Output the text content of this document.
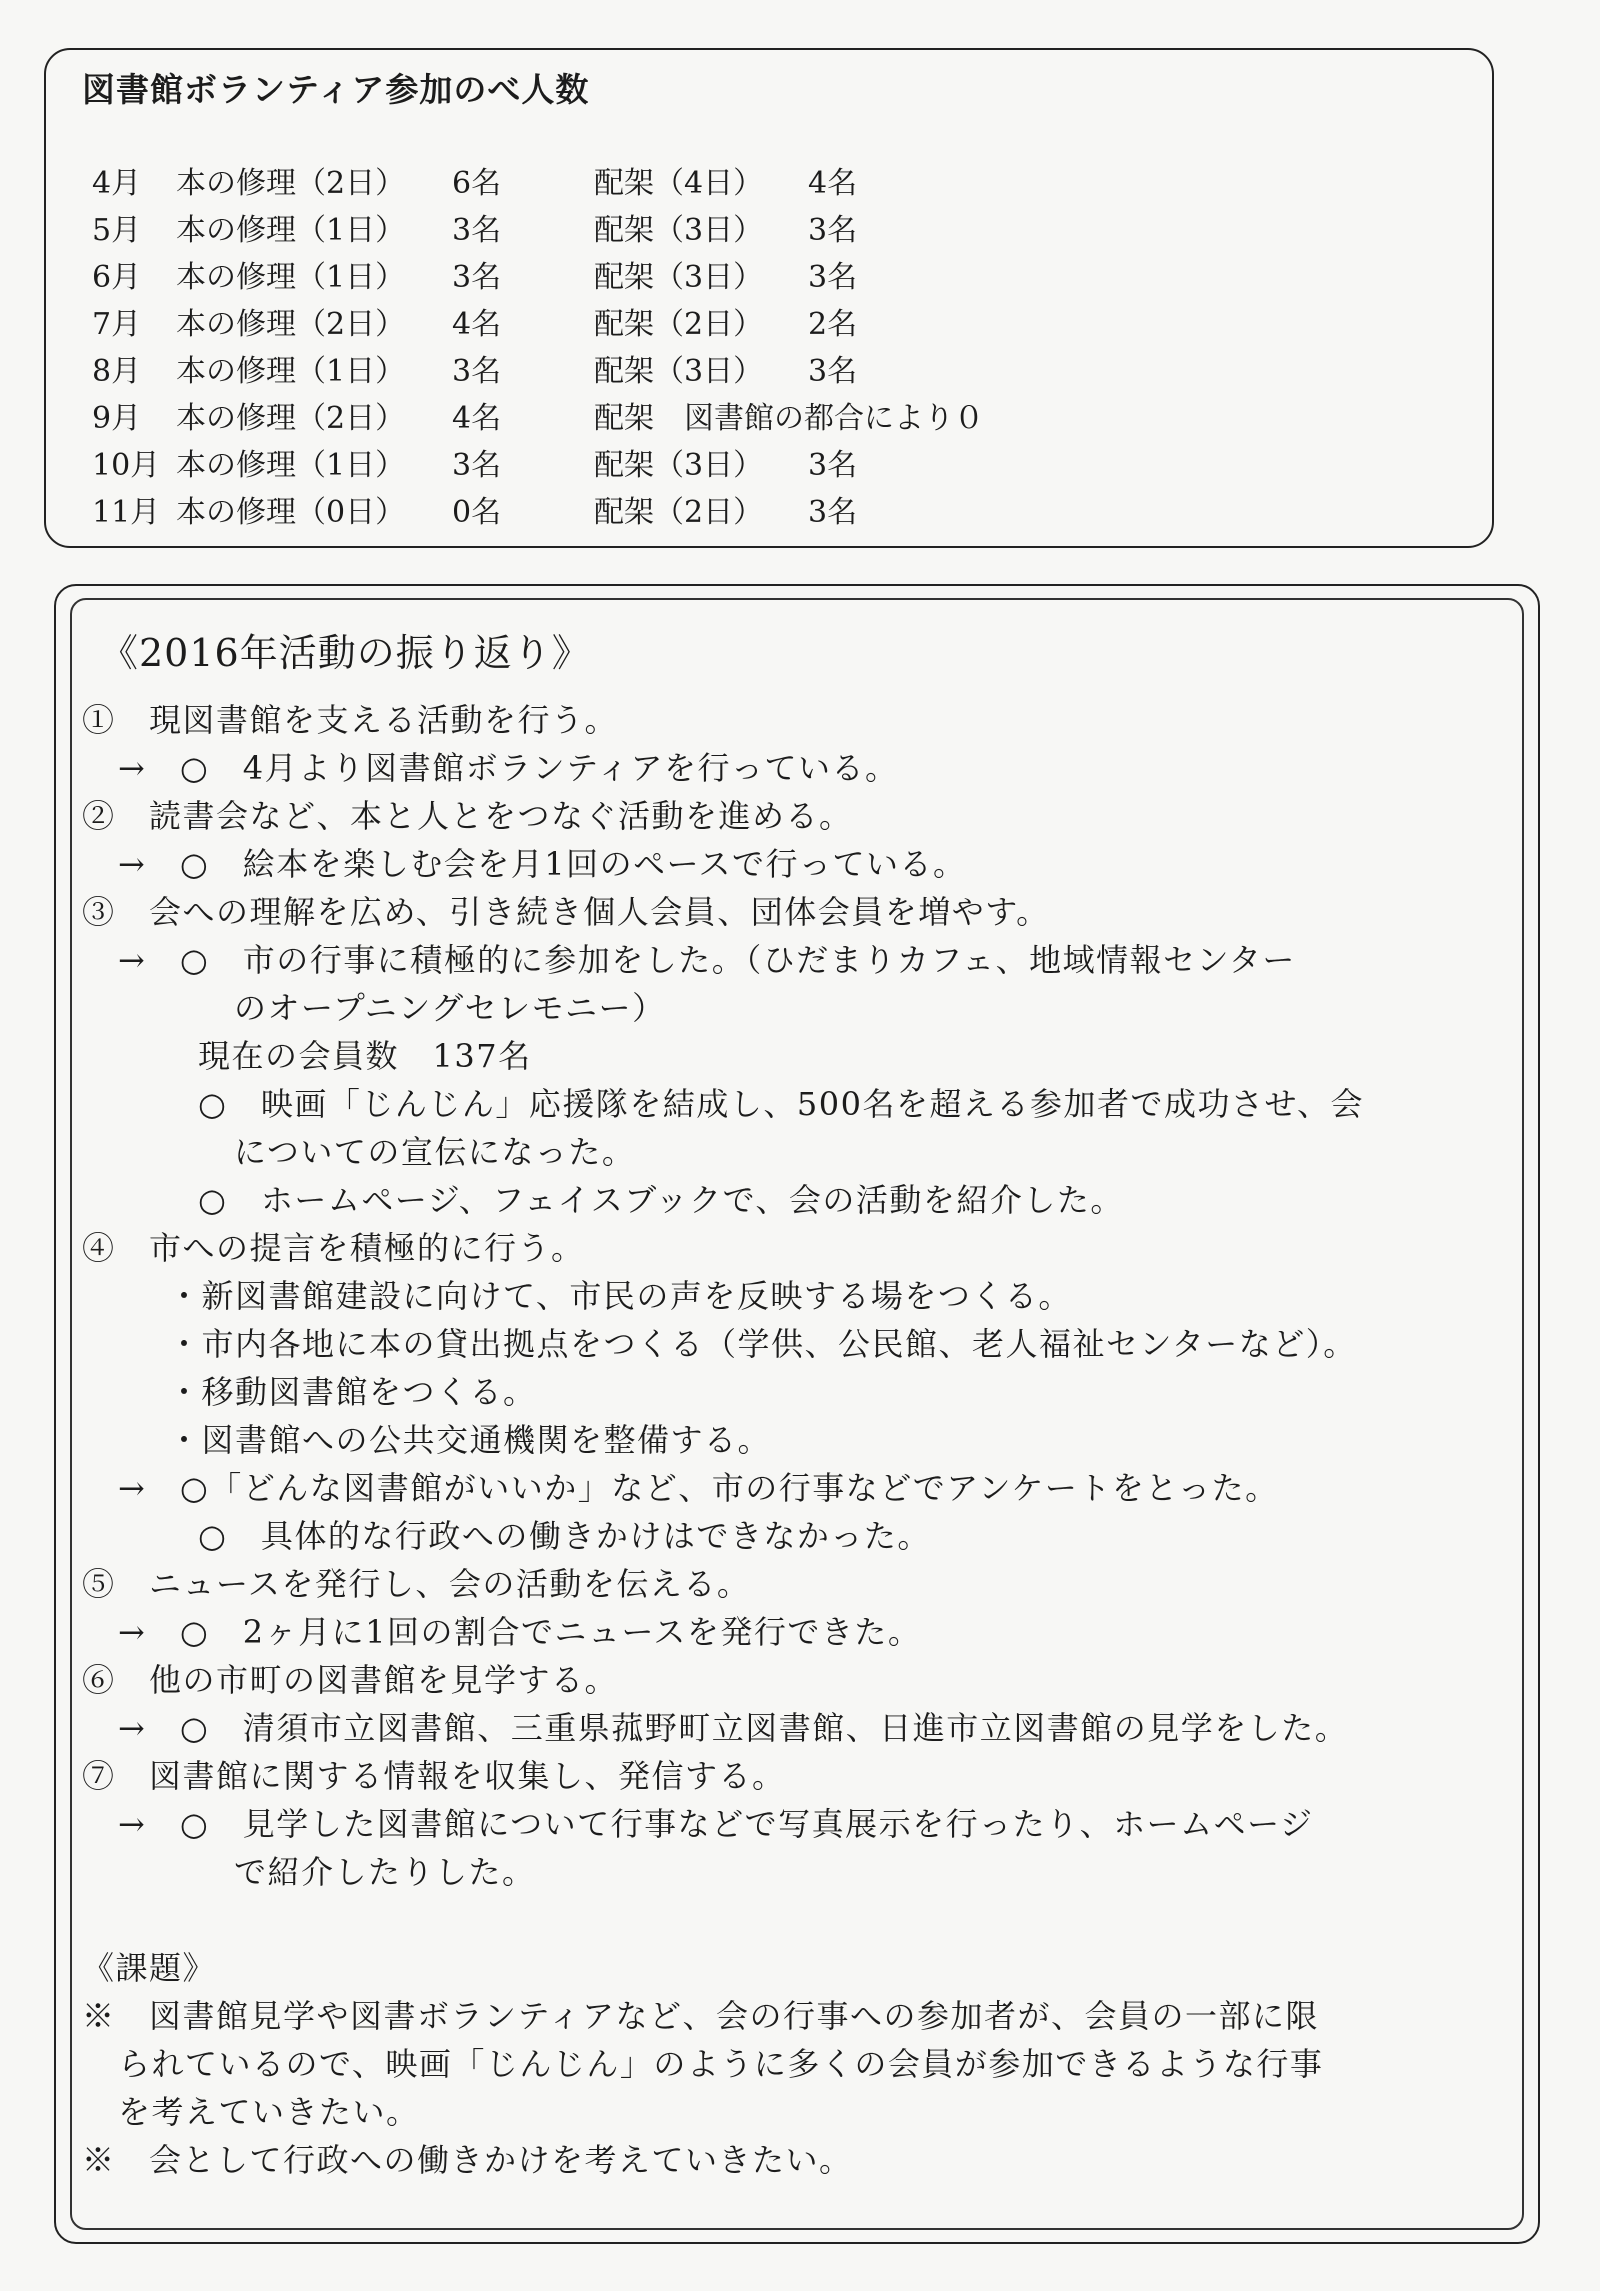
図書館ボランティア参加のべ人数
4月 本の修理（2日） 6名	配架（4日） 4名
5月 本の修理（1日） 3名	配架（3日） 3名
6月 本の修理（1日） 3名	配架（3日） 3名
7月 本の修理（2日） 4名	配架（2日） 2名
8月 本の修理（1日） 3名	配架（3日） 3名
9月 本の修理（2日） 4名	配架　図書館の都合により０
10月 本の修理（1日） 3名	配架（3日） 3名
11月 本の修理（0日） 0名	配架（2日） 3名
《2016年活動の振り返り》
①　現図書館を支える活動を行う。
→　○　4月より図書館ボランティアを行っている。
②　読書会など、本と人とをつなぐ活動を進める。
→　○　絵本を楽しむ会を月1回のペースで行っている。
③　会への理解を広め、引き続き個人会員、団体会員を増やす。
→　○　市の行事に積極的に参加をした。（ひだまりカフェ、地域情報センター
のオープニングセレモニー）
現在の会員数　137名
○　映画「じんじん」応援隊を結成し、500名を超える参加者で成功させ、会
についての宣伝になった。
○　ホームページ、フェイスブックで、会の活動を紹介した。
④　市への提言を積極的に行う。
・新図書館建設に向けて、市民の声を反映する場をつくる。
・市内各地に本の貸出拠点をつくる（学供、公民館、老人福祉センターなど）。
・移動図書館をつくる。
・図書館への公共交通機関を整備する。
→　○「どんな図書館がいいか」など、市の行事などでアンケートをとった。
○　具体的な行政への働きかけはできなかった。
⑤　ニュースを発行し、会の活動を伝える。
→　○　2ヶ月に1回の割合でニュースを発行できた。
⑥　他の市町の図書館を見学する。
→　○　清須市立図書館、三重県菰野町立図書館、日進市立図書館の見学をした。
⑦　図書館に関する情報を収集し、発信する。
→　○　見学した図書館について行事などで写真展示を行ったり、ホームページ
で紹介したりした。
《課題》
※　図書館見学や図書ボランティアなど、会の行事への参加者が、会員の一部に限
られているので、映画「じんじん」のように多くの会員が参加できるような行事
を考えていきたい。
※　会として行政への働きかけを考えていきたい。
